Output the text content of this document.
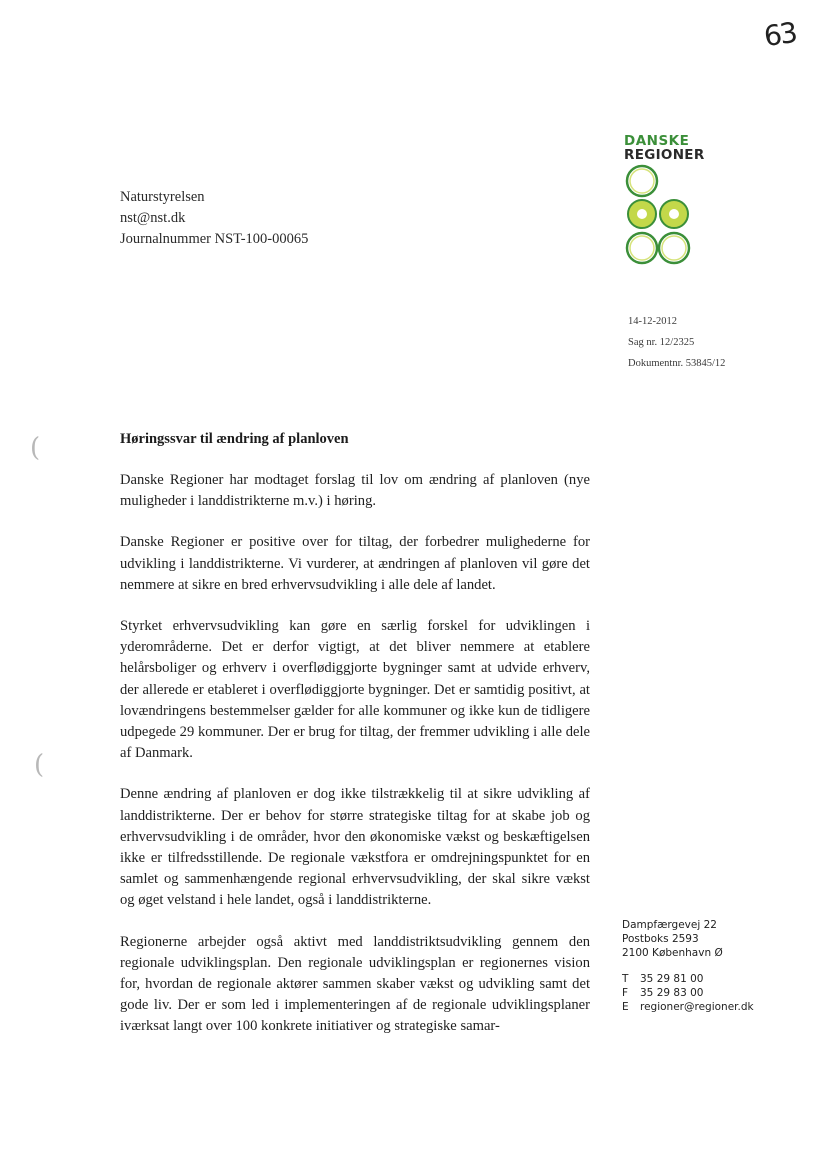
63
DANSKE
REGIONER
Naturstyrelsen
nst@nst.dk
Journalnummer NST-100-00065
14-12-2012
Sag nr. 12/2325
Dokumentnr. 53845/12
Høringssvar til ændring af planloven

Danske Regioner har modtaget forslag til lov om ændring af planloven (nye muligheder i landdistrikterne m.v.) i høring.

Danske Regioner er positive over for tiltag, der forbedrer mulighederne for udvikling i landdistrikterne. Vi vurderer, at ændringen af planloven vil gøre det nemmere at sikre en bred erhvervsudvikling i alle dele af landet.

Styrket erhvervsudvikling kan gøre en særlig forskel for udviklingen i yderområderne. Det er derfor vigtigt, at det bliver nemmere at etablere helårsboliger og erhverv i overflødiggjorte bygninger samt at udvide erhverv, der allerede er etableret i overflødiggjorte bygninger. Det er samtidig positivt, at lovændringens bestemmelser gælder for alle kommuner og ikke kun de tidligere udpegede 29 kommuner. Der er brug for tiltag, der fremmer udvikling i alle dele af Danmark.

Denne ændring af planloven er dog ikke tilstrækkelig til at sikre udvikling af landdistrikterne. Der er behov for større strategiske tiltag for at skabe job og erhvervsudvikling i de områder, hvor den økonomiske vækst og beskæftigelsen ikke er tilfredsstillende. De regionale vækstfora er omdrejningspunktet for en samlet og sammenhængende regional erhvervsudvikling, der skal sikre vækst og øget velstand i hele landet, også i landdistrikterne.

Regionerne arbejder også aktivt med landdistriktsudvikling gennem den regionale udviklingsplan. Den regionale udviklingsplan er regionernes vision for, hvordan de regionale aktører sammen skaber vækst og udvikling samt det gode liv. Der er som led i implementeringen af de regionale udviklingsplaner iværksat langt over 100 konkrete initiativer og strategiske samar-

Dampfærgevej 22
Postboks 2593
2100 København Ø
T	35 29 81 00
F	35 29 83 00
E	regioner@regioner.dk
(
(
